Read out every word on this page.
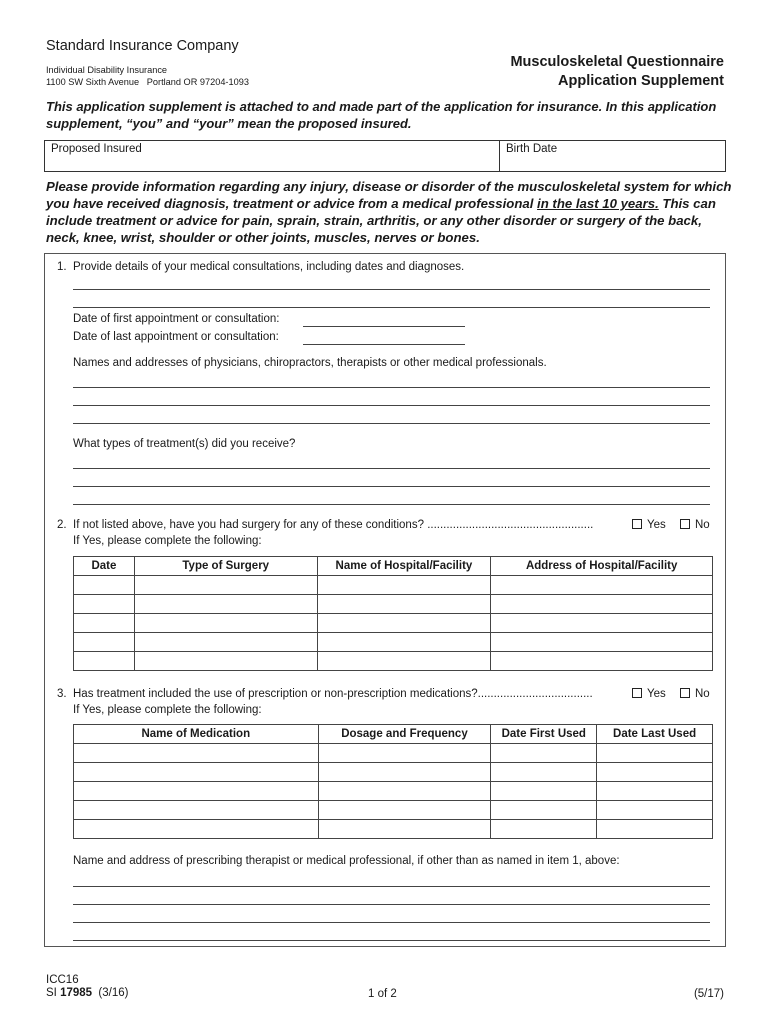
Standard Insurance Company
Individual Disability Insurance
1100 SW Sixth Avenue   Portland OR 97204-1093
Musculoskeletal Questionnaire
Application Supplement
This application supplement is attached to and made part of the application for insurance. In this application supplement, “you” and “your” mean the proposed insured.
Proposed Insured	Birth Date
Please provide information regarding any injury, disease or disorder of the musculoskeletal system for which you have received diagnosis, treatment or advice from a medical professional in the last 10 years. This can include treatment or advice for pain, sprain, strain, arthritis, or any other disorder or surgery of the back, neck, knee, wrist, shoulder or other joints, muscles, nerves or bones.
1. Provide details of your medical consultations, including dates and diagnoses.
Date of first appointment or consultation:
Date of last appointment or consultation:
Names and addresses of physicians, chiropractors, therapists or other medical professionals.
What types of treatment(s) did you receive?
2. If not listed above, have you had surgery for any of these conditions? ....................................................	Yes	No
If Yes, please complete the following:
Date	Type of Surgery	Name of Hospital/Facility	Address of Hospital/Facility

3. Has treatment included the use of prescription or non-prescription medications?....................................	Yes	No
If Yes, please complete the following:
Name of Medication	Dosage and Frequency	Date First Used	Date Last Used

Name and address of prescribing therapist or medical professional, if other than as named in item 1, above:
ICC16
SI 17985  (3/16)	1 of 2	(5/17)
